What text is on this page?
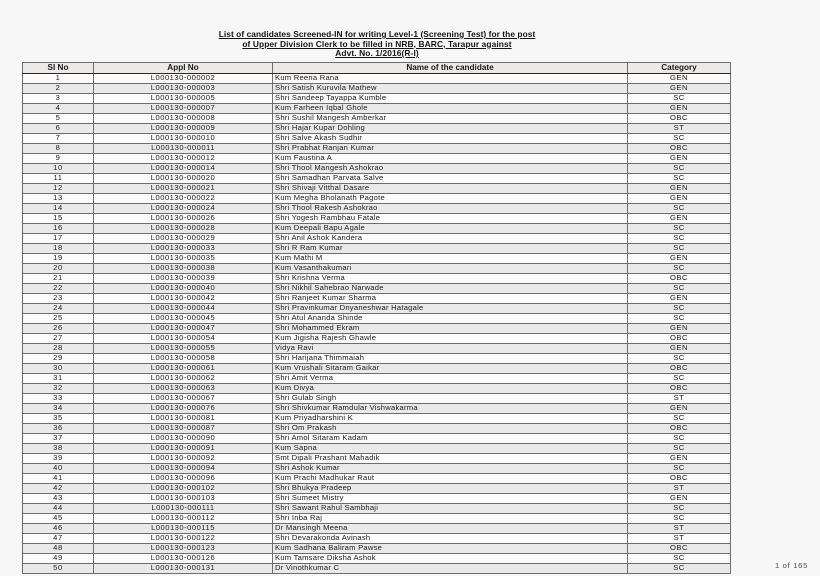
List of candidates Screened-IN for writing Level-1 (Screening Test) for the post
of Upper Division Clerk to be filled in NRB, BARC, Tarapur against
Advt. No. 1/2016(R-I)
SI No	Appl No	Name of the candidate	Category
1	L000130-000002	Kum Reena Rana	GEN
2	L000130-000003	Shri Satish Kuruvila Mathew	GEN
3	L000130-000005	Shri Sandeep Tayappa Kumble	SC
4	L000130-000007	Kum Farheen Iqbal Ghole	GEN
5	L000130-000008	Shri Sushil Mangesh Amberkar	OBC
6	L000130-000009	Shri Hajar Kupar Dohling	ST
7	L000130-000010	Shri Salve Akash Sudhir	SC
8	L000130-000011	Shri Prabhat Ranjan Kumar	OBC
9	L000130-000012	Kum Faustina A	GEN
10	L000130-000014	Shri Thool Mangesh Ashokrao	SC
11	L000130-000020	Shri Samadhan Parvata Salve	SC
12	L000130-000021	Shri Shivaji Vitthal Dasare	GEN
13	L000130-000022	Kum Megha Bholanath Pagote	GEN
14	L000130-000024	Shri Thool Rakesh Ashokrao	SC
15	L000130-000026	Shri Yogesh Rambhau Fatale	GEN
16	L000130-000028	Kum Deepali Bapu Agale	SC
17	L000130-000029	Shri Anil Ashok Kandera	SC
18	L000130-000033	Shri R Ram Kumar	SC
19	L000130-000035	Kum Mathi M	GEN
20	L000130-000038	Kum Vasanthakumari	SC
21	L000130-000039	Shri Krishna Verma	OBC
22	L000130-000040	Shri Nikhil Sahebrao Narwade	SC
23	L000130-000042	Shri Ranjeet Kumar Sharma	GEN
24	L000130-000044	Shri Pravinkumar Dnyaneshwar Hatagale	SC
25	L000130-000045	Shri Atul Ananda Shinde	SC
26	L000130-000047	Shri Mohammed Ekram	GEN
27	L000130-000054	Kum Jigisha Rajesh Ghawle	OBC
28	L000130-000055	Vidya Ravi	GEN
29	L000130-000058	Shri Harijana Thimmaiah	SC
30	L000130-000061	Kum Vrushali Sitaram Gaikar	OBC
31	L000130-000062	Shri Amit Verma	SC
32	L000130-000063	Kum Divya	OBC
33	L000130-000067	Shri Gulab Singh	ST
34	L000130-000076	Shri Shivkumar Ramdular Vishwakarma	GEN
35	L000130-000081	Kum Priyadharshini K	SC
36	L000130-000087	Shri Om Prakash	OBC
37	L000130-000090	Shri Amol Sitaram Kadam	SC
38	L000130-000091	Kum Sapna	SC
39	L000130-000092	Smt Dipali Prashant Mahadik	GEN
40	L000130-000094	Shri Ashok Kumar	SC
41	L000130-000096	Kum Prachi Madhukar Raut	OBC
42	L000130-000102	Shri Bhukya Pradeep	ST
43	L000130-000103	Shri Sumeet Mistry	GEN
44	L000130-000111	Shri Sawant Rahul Sambhaji	SC
45	L000130-000112	Shri Inba Raj	SC
46	L000130-000115	Dr Mansingh Meena	ST
47	L000130-000122	Shri Devarakonda Avinash	ST
48	L000130-000123	Kum Sadhana Baliram Pawse	OBC
49	L000130-000126	Kum Tamsare Diksha Ashok	SC
50	L000130-000131	Dr Vinothkumar C	SC	1 of 165
